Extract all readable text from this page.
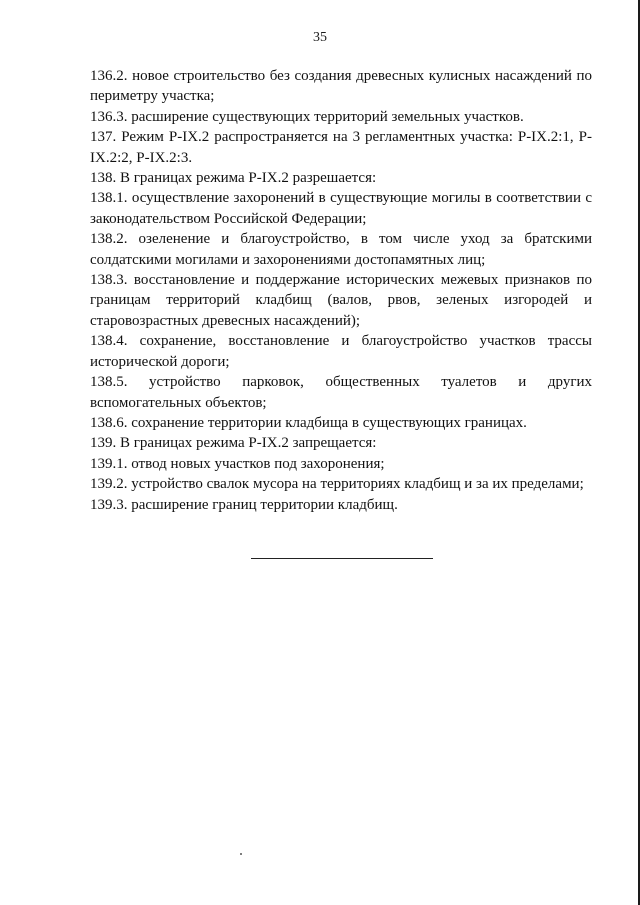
35

136.2. новое строительство без создания древесных кулисных насаждений по периметру участка;

136.3. расширение существующих территорий земельных участков.

137. Режим Р-IX.2 распространяется на 3 регламентных участка: Р-IX.2:1, Р-IX.2:2, Р-IX.2:3.

138. В границах режима Р-IX.2 разрешается:

138.1. осуществление захоронений в существующие могилы в соответствии с законодательством Российской Федерации;

138.2. озеленение и благоустройство, в том числе уход за братскими солдатскими могилами и захоронениями достопамятных лиц;

138.3. восстановление и поддержание исторических межевых признаков по границам территорий кладбищ (валов, рвов, зеленых изгородей и старовозрастных древесных насаждений);

138.4. сохранение, восстановление и благоустройство участков трассы исторической дороги;

138.5. устройство парковок, общественных туалетов и других вспомогательных объектов;

138.6. сохранение территории кладбища в существующих границах.

139. В границах режима Р-IX.2 запрещается:

139.1. отвод новых участков под захоронения;

139.2. устройство свалок мусора на территориях кладбищ и за их пределами;

139.3. расширение границ территории кладбищ.
